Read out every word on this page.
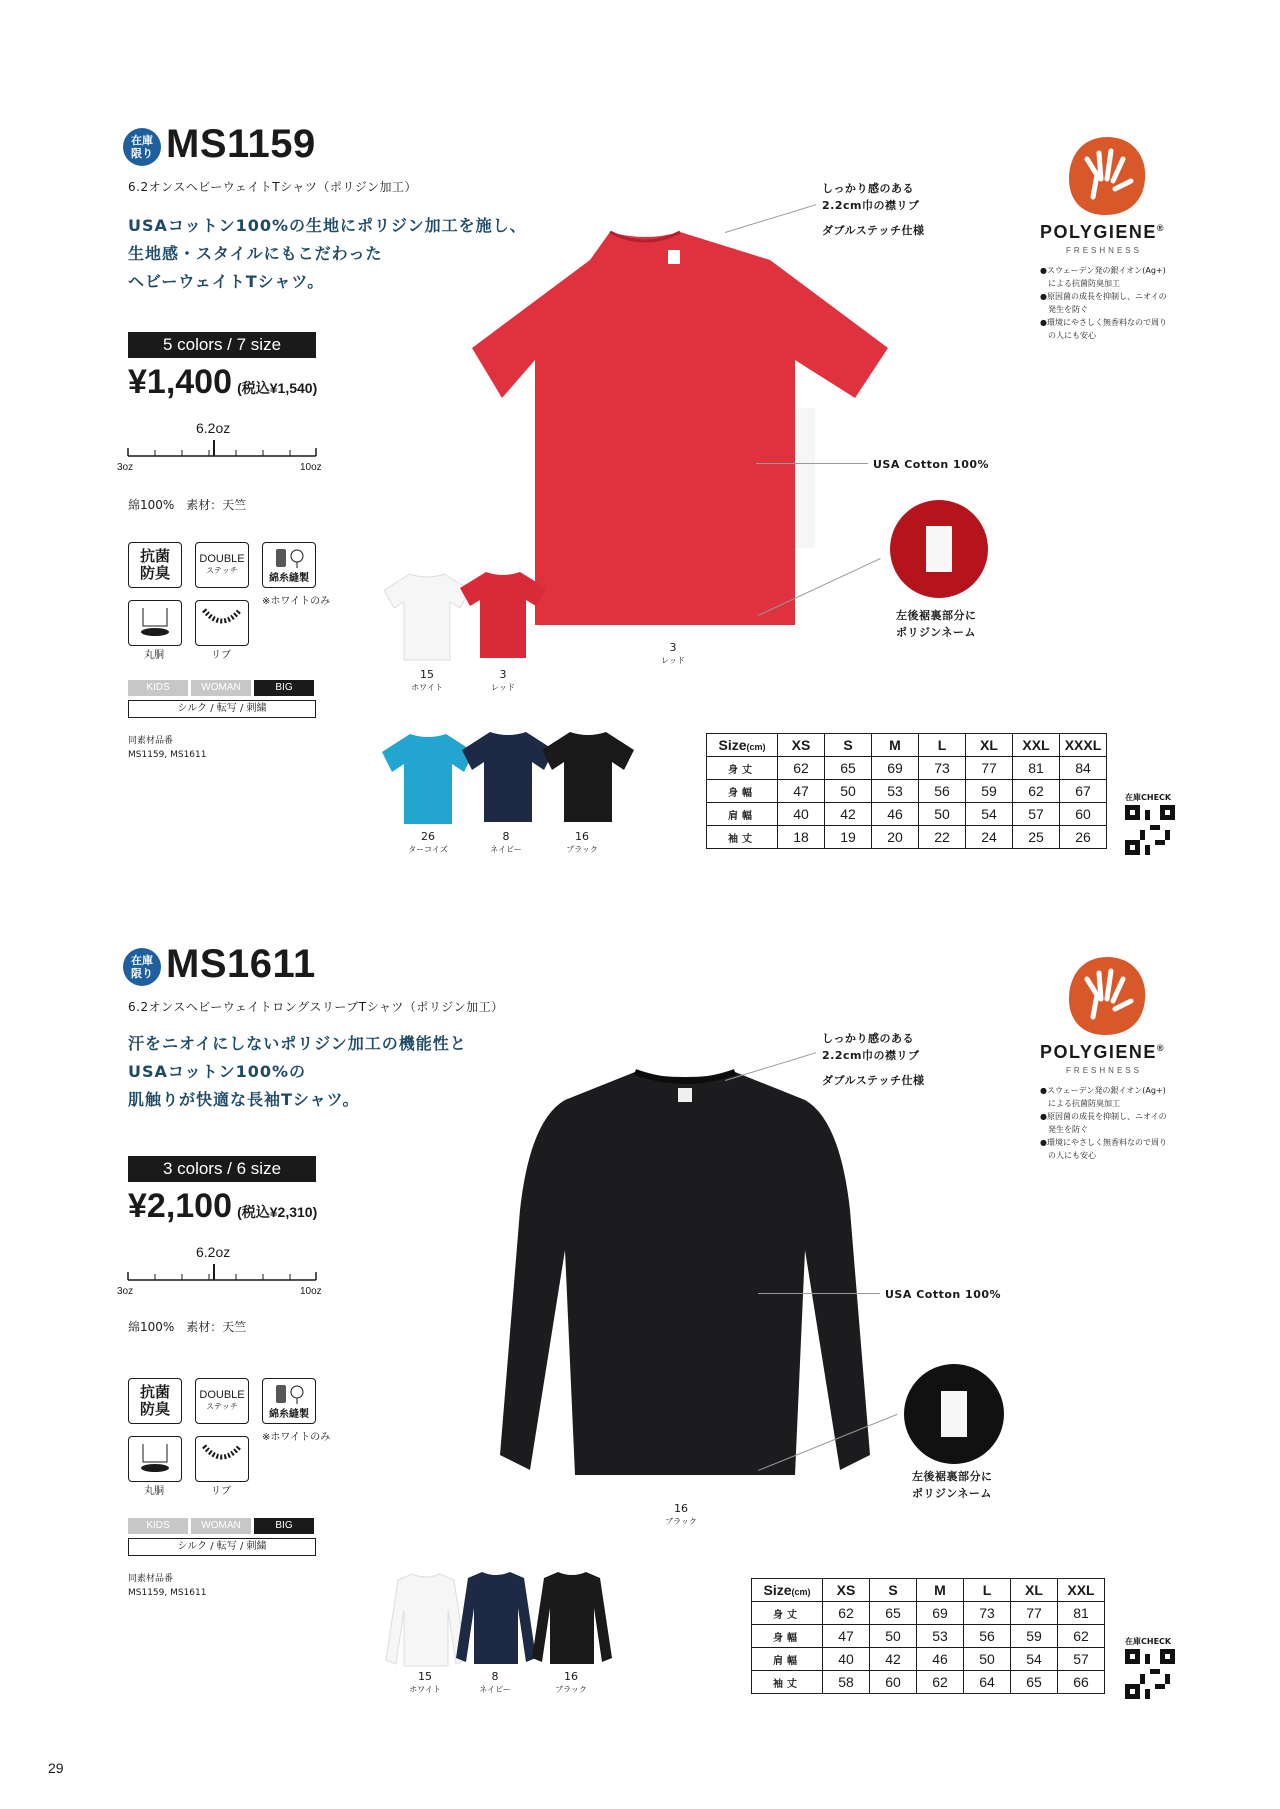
在庫
限り MS1159
6.2オンスヘビーウェイトTシャツ（ポリジン加工）
USAコットン100%の生地にポリジン加工を施し、
生地感・スタイルにもこだわった
ヘビーウェイトTシャツ。
5 colors / 7 size
¥1,400 (税込¥1,540)
6.2oz
3oz	10oz
綿100%　素材：天竺
抗菌
防臭
DOUBLE
ステッチ
綿糸縫製
※ホワイトのみ
丸胴	リブ
KIDS	WOMAN	BIG
シルク / 転写 / 刺繍
同素材品番
MS1159, MS1611
しっかり感のある
2.2cm巾の襟リブ
ダブルステッチ仕様
USA Cotton 100%
左後裾裏部分に
ポリジンネーム
3
レッド
15
ホワイト
3
レッド
26
ターコイズ
8
ネイビー
16
ブラック
Size(cm)	XS	S	M	L	XL	XXL	XXXL
身丈	62	65	69	73	77	81	84
身幅	47	50	53	56	59	62	67
肩幅	40	42	46	50	54	57	60
袖丈	18	19	20	22	24	25	26
在庫CHECK
POLYGIENE®
FRESHNESS
●スウェーデン発の銀イオン(Ag+)
　による抗菌防臭加工
●原因菌の成長を抑制し、ニオイの
　発生を防ぐ
●環境にやさしく無香料なので周り
　の人にも安心
在庫
限り MS1611
6.2オンスヘビーウェイトロングスリーブTシャツ（ポリジン加工）
汗をニオイにしないポリジン加工の機能性と
USAコットン100%の
肌触りが快適な長袖Tシャツ。
3 colors / 6 size
¥2,100 (税込¥2,310)
6.2oz
3oz	10oz
綿100%　素材：天竺
抗菌
防臭
DOUBLE
ステッチ
綿糸縫製
※ホワイトのみ
丸胴	リブ
KIDS	WOMAN	BIG
シルク / 転写 / 刺繍
同素材品番
MS1159, MS1611
しっかり感のある
2.2cm巾の襟リブ
ダブルステッチ仕様
USA Cotton 100%
左後裾裏部分に
ポリジンネーム
16
ブラック
15
ホワイト
8
ネイビー
16
ブラック
Size(cm)	XS	S	M	L	XL	XXL
身丈	62	65	69	73	77	81
身幅	47	50	53	56	59	62
肩幅	40	42	46	50	54	57
袖丈	58	60	62	64	65	66
在庫CHECK
POLYGIENE®
FRESHNESS
●スウェーデン発の銀イオン(Ag+)
　による抗菌防臭加工
●原因菌の成長を抑制し、ニオイの
　発生を防ぐ
●環境にやさしく無香料なので周り
　の人にも安心
29
